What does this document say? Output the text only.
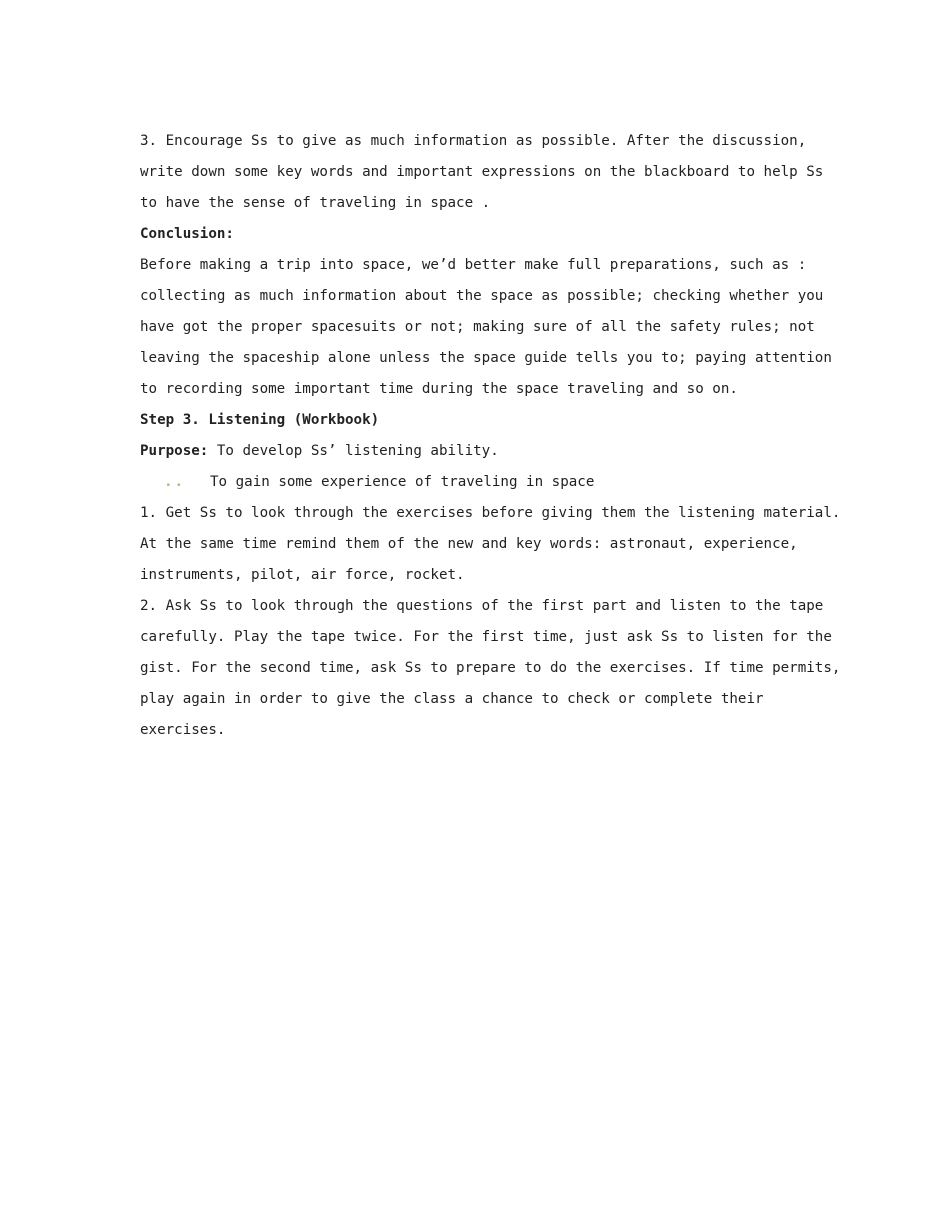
3. Encourage Ss to give as much information as possible. After the discussion,
write down some key words and important expressions on the blackboard to help Ss
to have the sense of traveling in space .
Conclusion:
Before making a trip into space, we’d better make full preparations, such as :
collecting as much information about the space as possible; checking whether you
have got the proper spacesuits or not; making sure of all the safety rules; not
leaving the spaceship alone unless the space guide tells you to; paying attention
to recording some important time during the space traveling and so on.
Step 3. Listening (Workbook)
Purpose: To develop Ss’ listening ability.
.. To gain some experience of traveling in space
1. Get Ss to look through the exercises before giving them the listening material.
At the same time remind them of the new and key words: astronaut, experience,
instruments, pilot, air force, rocket.
2. Ask Ss to look through the questions of the first part and listen to the tape
carefully. Play the tape twice. For the first time, just ask Ss to listen for the
gist. For the second time, ask Ss to prepare to do the exercises. If time permits,
play again in order to give the class a chance to check or complete their
exercises.
